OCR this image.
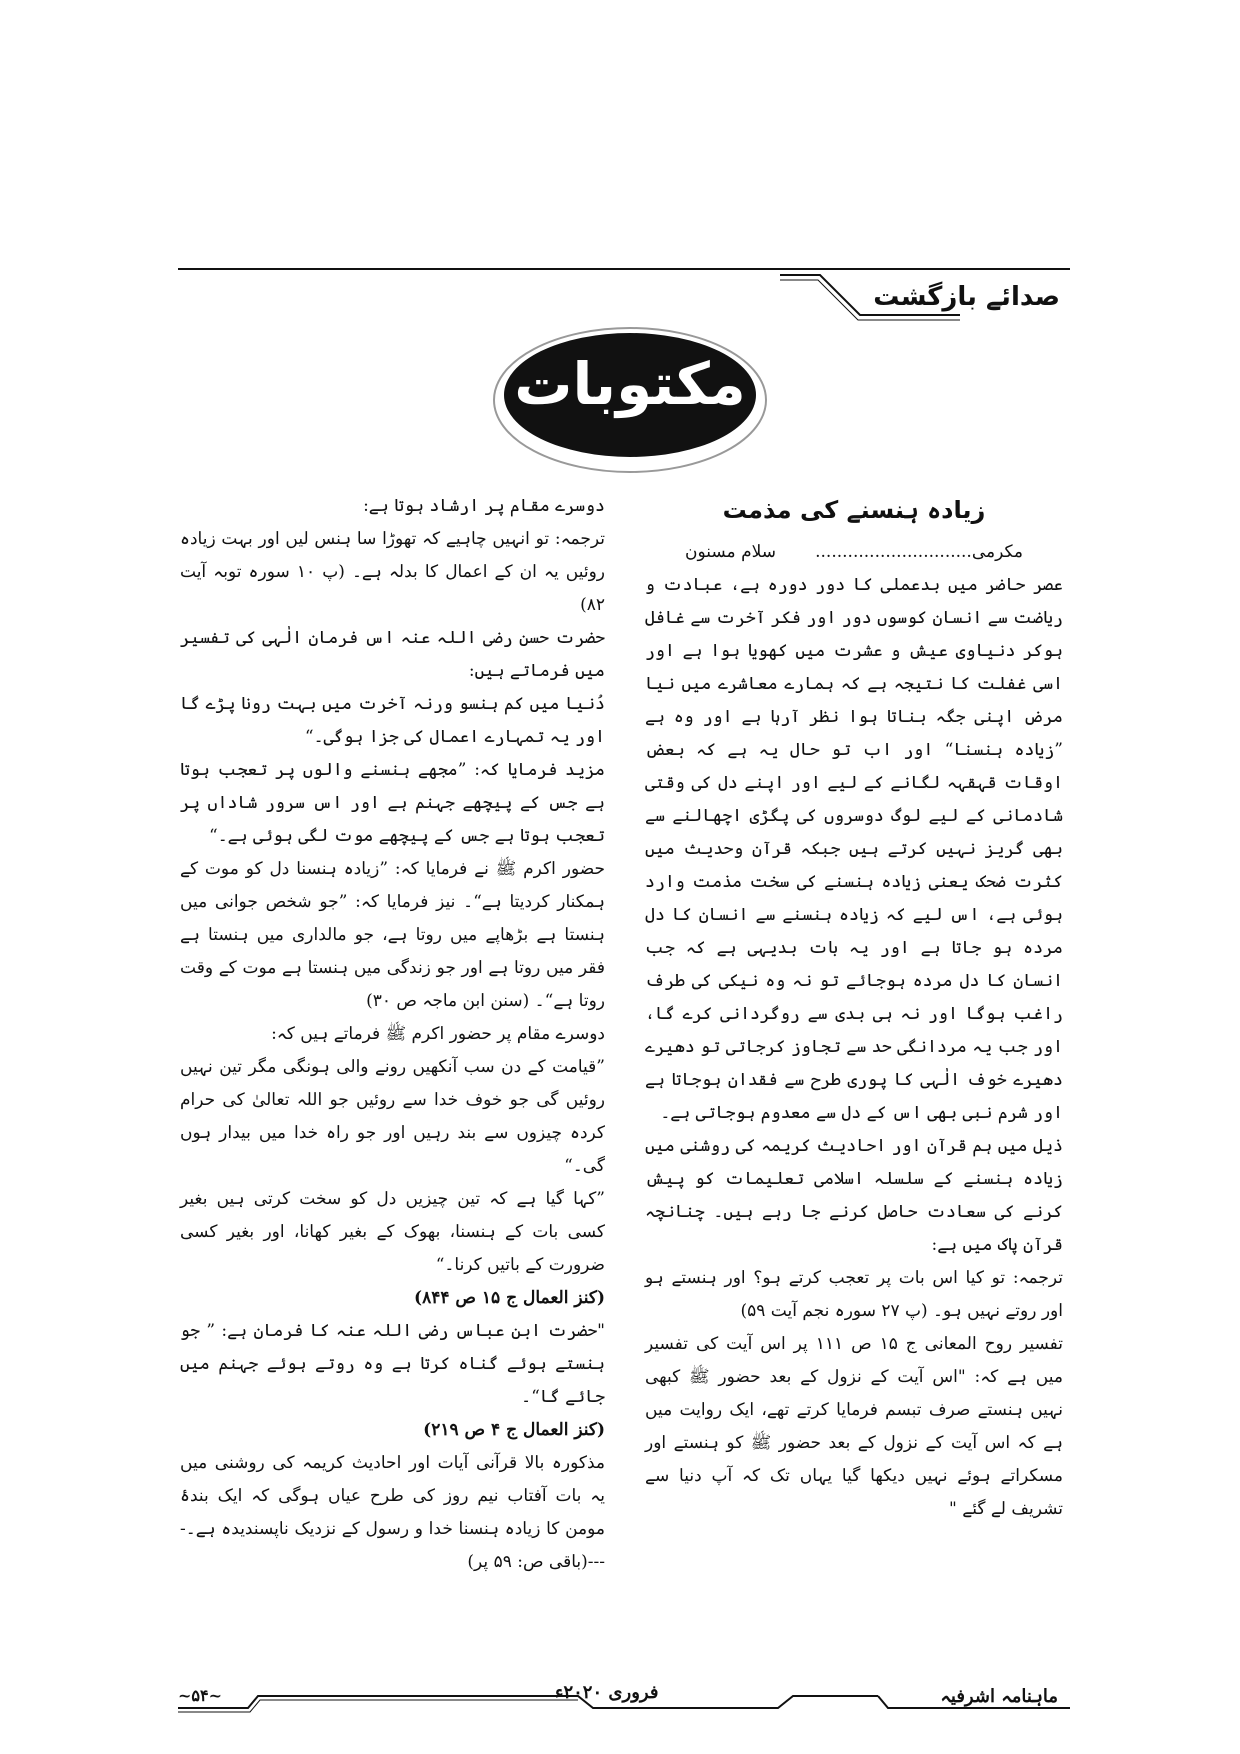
صدائے بازگشت
مکتوبات

زیادہ ہنسنے کی مذمت

مکرمی.............................
سلام مسنون

عصر حاضر میں بدعملی کا دور دورہ ہے، عبادت و ریاضت سے انسان کوسوں دور اور فکر آخرت سے غافل ہوکر دنیاوی عیش و عشرت میں کھویا ہوا ہے اور اسی غفلت کا نتیجہ ہے کہ ہمارے معاشرے میں نیا مرض اپنی جگہ بناتا ہوا نظر آرہا ہے اور وہ ہے ”زیادہ ہنسنا“ اور اب تو حال یہ ہے کہ بعض اوقات قہقہہ لگانے کے لیے اور اپنے دل کی وقتی شادمانی کے لیے لوگ دوسروں کی پگڑی اچھالنے سے بھی گریز نہیں کرتے ہیں جبکہ قرآن وحدیث میں کثرت ضحک یعنی زیادہ ہنسنے کی سخت مذمت وارد ہوئی ہے، اس لیے کہ زیادہ ہنسنے سے انسان کا دل مردہ ہو جاتا ہے اور یہ بات بدیہی ہے کہ جب انسان کا دل مردہ ہوجائے تو نہ وہ نیکی کی طرف راغب ہوگا اور نہ ہی بدی سے روگردانی کرے گا، اور جب یہ مردانگی حد سے تجاوز کرجاتی تو دھیرے دھیرے خوف الٰہی کا پوری طرح سے فقدان ہوجاتا ہے اور شرم نبی بھی اس کے دل سے معدوم ہوجاتی ہے۔

ذیل میں ہم قرآن اور احادیث کریمہ کی روشنی میں زیادہ ہنسنے کے سلسلہ اسلامی تعلیمات کو پیش کرنے کی سعادت حاصل کرنے جا رہے ہیں۔ چنانچہ قرآن پاک میں ہے:

ترجمہ: تو کیا اس بات پر تعجب کرتے ہو؟ اور ہنستے ہو اور روتے نہیں ہو۔ (پ ۲۷ سورہ نجم آیت ۵۹)

تفسیر روح المعانی ج ۱۵ ص ۱۱۱ پر اس آیت کی تفسیر میں ہے کہ: "اس آیت کے نزول کے بعد حضور ﷺ کبھی نہیں ہنستے صرف تبسم فرمایا کرتے تھے، ایک روایت میں ہے کہ اس آیت کے نزول کے بعد حضور ﷺ کو ہنستے اور مسکراتے ہوئے نہیں دیکھا گیا یہاں تک کہ آپ دنیا سے تشریف لے گئے "

دوسرے مقام پر ارشاد ہوتا ہے:

ترجمہ: تو انہیں چاہیے کہ تھوڑا سا ہنس لیں اور بہت زیادہ روئیں یہ ان کے اعمال کا بدلہ ہے۔ (پ ۱۰ سورہ توبہ آیت ۸۲)

حضرت حسن رضی اللہ عنہ اس فرمان الٰہی کی تفسیر میں فرماتے ہیں:

دُنیا میں کم ہنسو ورنہ آخرت میں بہت رونا پڑے گا اور یہ تمہارے اعمال کی جزا ہوگی۔“

مزید فرمایا کہ: ”مجھے ہنسنے والوں پر تعجب ہوتا ہے جس کے پیچھے جہنم ہے اور اس سرور شاداں پر تعجب ہوتا ہے جس کے پیچھے موت لگی ہوئی ہے۔“

حضور اکرم ﷺ نے فرمایا کہ: ”زیادہ ہنسنا دل کو موت کے ہمکنار کردیتا ہے“۔ نیز فرمایا کہ: ”جو شخص جوانی میں ہنستا ہے بڑھاپے میں روتا ہے، جو مالداری میں ہنستا ہے فقر میں روتا ہے اور جو زندگی میں ہنستا ہے موت کے وقت روتا ہے“۔ (سنن ابن ماجہ ص ۳۰)

دوسرے مقام پر حضور اکرم ﷺ فرماتے ہیں کہ:

”قیامت کے دن سب آنکھیں رونے والی ہونگی مگر تین نہیں روئیں گی جو خوف خدا سے روئیں جو اللہ تعالیٰ کی حرام کردہ چیزوں سے بند رہیں اور جو راہ خدا میں بیدار ہوں گی۔“

”کہا گیا ہے کہ تین چیزیں دل کو سخت کرتی ہیں بغیر کسی بات کے ہنسنا، بھوک کے بغیر کھانا، اور بغیر کسی ضرورت کے باتیں کرنا۔“

(کنز العمال ج ۱۵ ص ۸۴۴)

"حضرت ابن عباس رضی اللہ عنہ کا فرمان ہے: ” جو ہنستے ہوئے گناہ کرتا ہے وہ روتے ہوئے جہنم میں جائے گا“۔

(کنز العمال ج ۴ ص ۲۱۹)

مذکورہ بالا قرآنی آیات اور احادیث کریمہ کی روشنی میں یہ بات آفتاب نیم روز کی طرح عیاں ہوگی کہ ایک بندۂ مومن کا زیادہ ہنسنا خدا و رسول کے نزدیک ناپسندیدہ ہے۔----(باقی ص: ۵۹ پر)

ماہنامہ اشرفیہ
فروری ۲۰۲۰ء
~۵۴~
